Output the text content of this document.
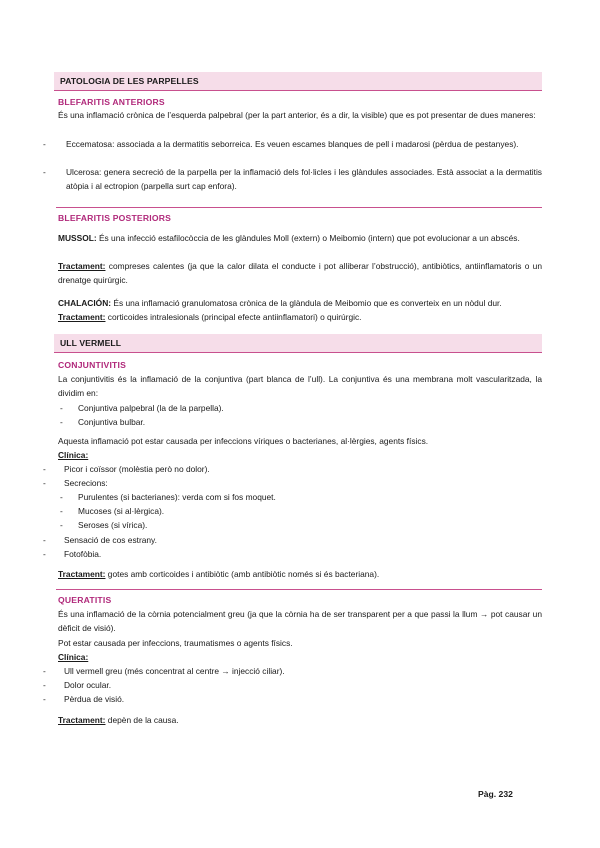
PATOLOGIA DE LES PARPELLES
BLEFARITIS ANTERIORS
És una inflamació crònica de l’esquerda palpebral (per la part anterior, és a dir, la visible) que es pot presentar de dues maneres:
- Eccematosa: associada a la dermatitis seborreica. Es veuen escames blanques de pell i madarosi (pèrdua de pestanyes).
- Ulcerosa: genera secreció de la parpella per la inflamació dels fol·licles i les glàndules associades. Està associat a la dermatitis atòpia i al ectropion (parpella surt cap enfora).
BLEFARITIS POSTERIORS
MUSSOL: És una infecció estafilocòccia de les glàndules Moll (extern) o Meibomio (intern) que pot evolucionar a un abscés.
Tractament: compreses calentes (ja que la calor dilata el conducte i pot alliberar l’obstrucció), antibiòtics, antiinflamatoris o un drenatge quirúrgic.
CHALACIÓN: És una inflamació granulomatosa crònica de la glàndula de Meibomio que es converteix en un nòdul dur.
Tractament: corticoides intralesionals (principal efecte antiinflamatori) o quirúrgic.
ULL VERMELL
CONJUNTIVITIS
La conjuntivitis és la inflamació de la conjuntiva (part blanca de l’ull). La conjuntiva és una membrana molt vascularitzada, la dividim en:
- Conjuntiva palpebral (la de la parpella).
- Conjuntiva bulbar.
Aquesta inflamació pot estar causada per infeccions víriques o bacterianes, al·lèrgies, agents físics.
Clínica:
- Picor i coïssor (molèstia però no dolor).
- Secrecions:
- Purulentes (si bacterianes): verda com si fos moquet.
- Mucoses (si al·lèrgica).
- Seroses (si vírica).
- Sensació de cos estrany.
- Fotofòbia.
Tractament: gotes amb corticoides i antibiòtic (amb antibiòtic només si és bacteriana).
QUERATITIS
És una inflamació de la còrnia potencialment greu (ja que la còrnia ha de ser transparent per a que passi la llum → pot causar un dèficit de visió).
Pot estar causada per infeccions, traumatismes o agents físics.
Clínica:
- Ull vermell greu (més concentrat al centre → injecció ciliar).
- Dolor ocular.
- Pèrdua de visió.
Tractament: depèn de la causa.
Pàg. 232
